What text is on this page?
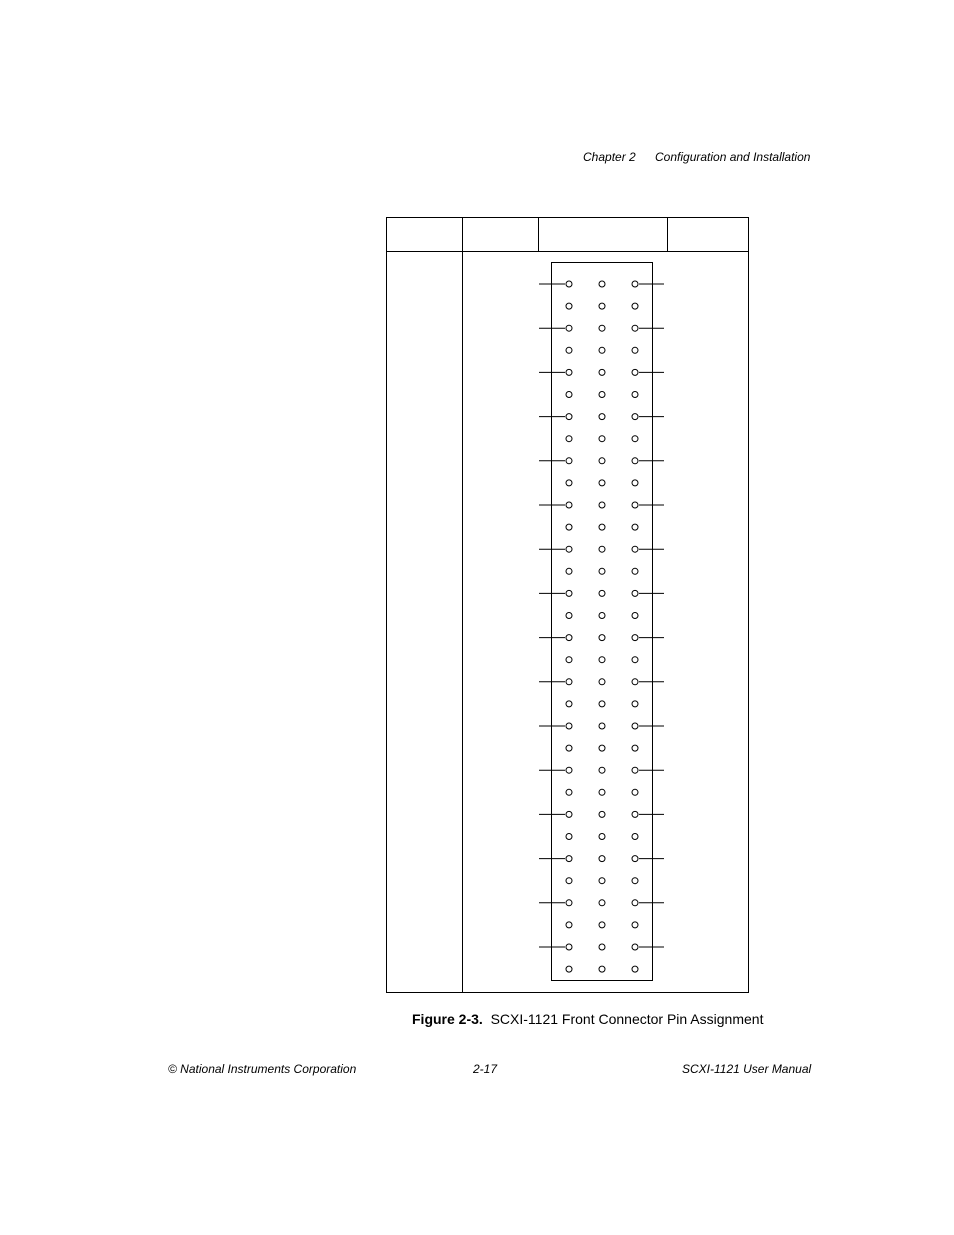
Chapter 2 Configuration and Installation
Figure 2-3. SCXI-1121 Front Connector Pin Assignment
© National Instruments Corporation	2-17	SCXI-1121 User Manual
